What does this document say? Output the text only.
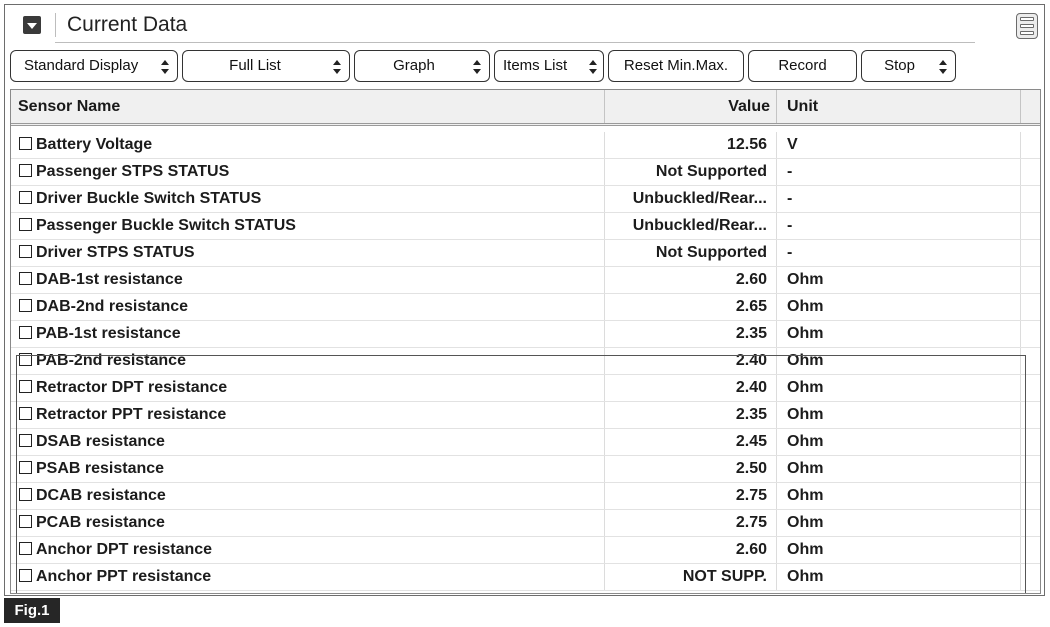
Current Data
Standard Display	Full List	Graph	Items List	Reset Min.Max.	Record	Stop
Sensor Name	Value	Unit
Battery Voltage	12.56	V
Passenger STPS STATUS	Not Supported	-
Driver Buckle Switch STATUS	Unbuckled/Rear...	-
Passenger Buckle Switch STATUS	Unbuckled/Rear...	-
Driver STPS STATUS	Not Supported	-
DAB-1st resistance	2.60	Ohm
DAB-2nd resistance	2.65	Ohm
PAB-1st resistance	2.35	Ohm
PAB-2nd resistance	2.40	Ohm
Retractor DPT resistance	2.40	Ohm
Retractor PPT resistance	2.35	Ohm
DSAB resistance	2.45	Ohm
PSAB resistance	2.50	Ohm
DCAB resistance	2.75	Ohm
PCAB resistance	2.75	Ohm
Anchor DPT resistance	2.60	Ohm
Anchor PPT resistance	NOT SUPP.	Ohm
Fig.1
